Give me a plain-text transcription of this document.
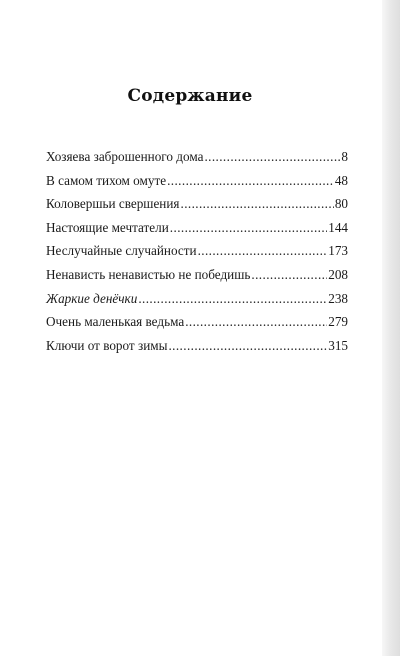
Содержание
Хозяева заброшенного дома .....	8
В самом тихом омуте .....	48
Коловершьи свершения .....	80
Настоящие мечтатели .....	144
Неслучайные случайности .....	173
Ненависть ненавистью не победишь .....	208
Жаркие денёчки .....	238
Очень маленькая ведьма .....	279
Ключи от ворот зимы .....	315
